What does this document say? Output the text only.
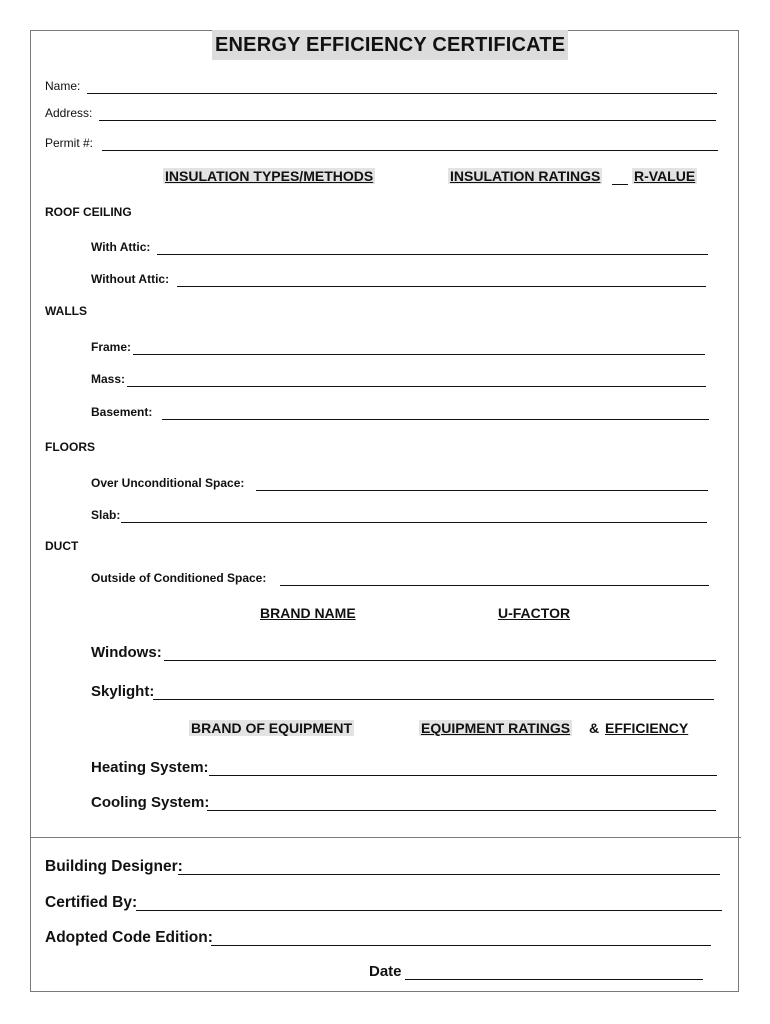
ENERGY EFFICIENCY CERTIFICATE
Name:
Address:
Permit #:
INSULATION TYPES/METHODS	INSULATION RATINGS R-VALUE
ROOF CEILING
With Attic:
Without Attic:
WALLS
Frame:
Mass:
Basement:
FLOORS
Over Unconditional Space:
Slab:
DUCT
Outside of Conditioned Space:
BRAND NAME	U-FACTOR
Windows:
Skylight:
BRAND OF EQUIPMENT	EQUIPMENT RATINGS & EFFICIENCY
Heating System:
Cooling System:
Building Designer:
Certified By:
Adopted Code Edition:
Date
